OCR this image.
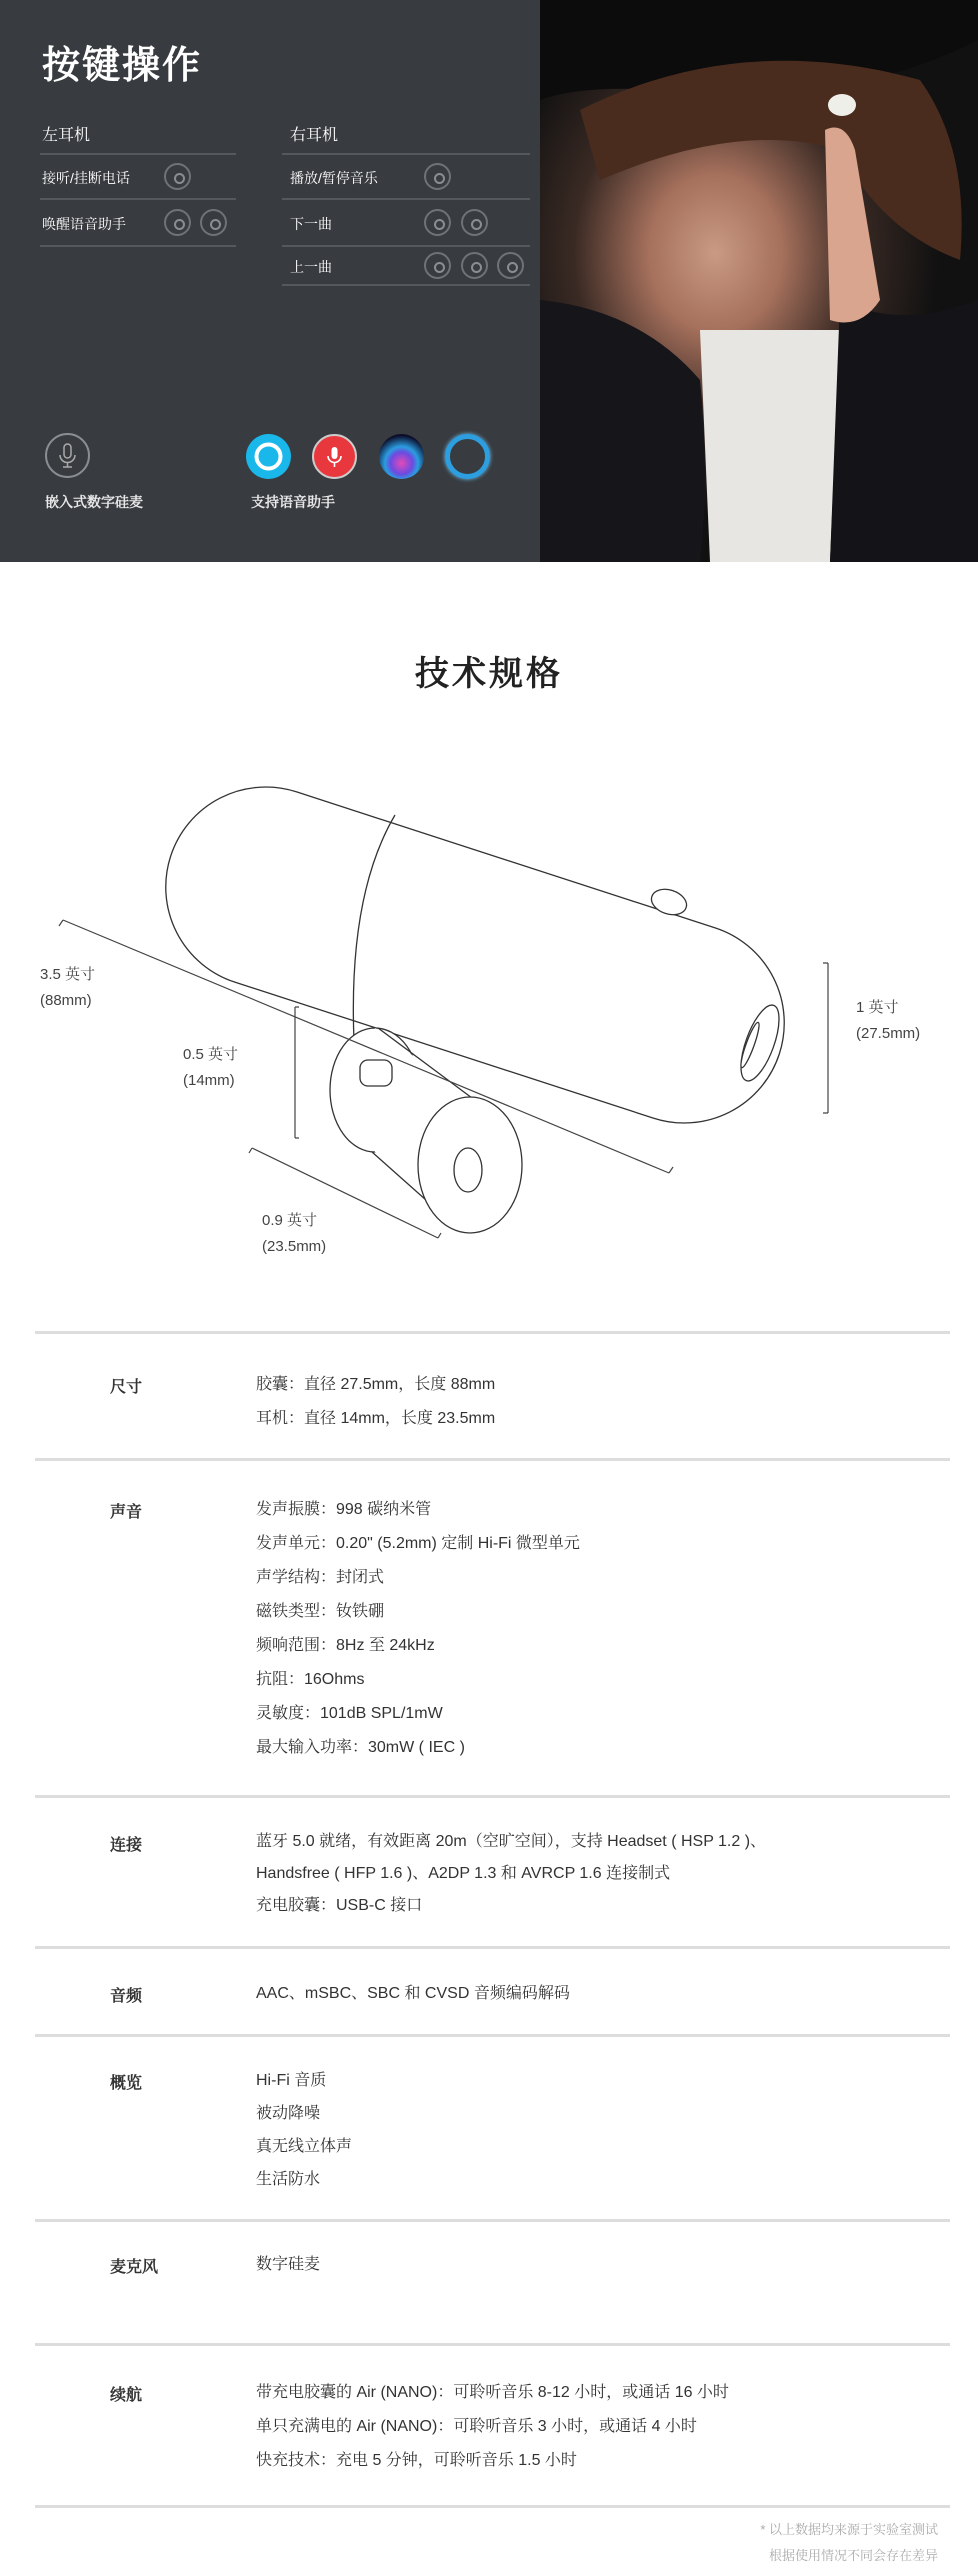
按键操作
左耳机
接听/挂断电话
唤醒语音助手
右耳机
播放/暂停音乐
下一曲
上一曲
嵌入式数字硅麦	支持语音助手
技术规格
3.5 英寸
(88mm)
0.5 英寸
(14mm)
1 英寸
(27.5mm)
0.9 英寸
(23.5mm)
尺寸	胶囊：直径 27.5mm，长度 88mm
耳机：直径 14mm，长度 23.5mm
声音	发声振膜：998 碳纳米管
发声单元：0.20" (5.2mm) 定制 Hi-Fi 微型单元
声学结构：封闭式
磁铁类型：钕铁硼
频响范围：8Hz 至 24kHz
抗阻：16Ohms
灵敏度：101dB SPL/1mW
最大输入功率：30mW ( IEC )
连接	蓝牙 5.0 就绪，有效距离 20m（空旷空间），支持 Headset ( HSP 1.2 )、
Handsfree ( HFP 1.6 )、A2DP 1.3 和 AVRCP 1.6 连接制式
充电胶囊：USB-C 接口
音频	AAC、mSBC、SBC 和 CVSD 音频编码解码
概览	Hi-Fi 音质
被动降噪
真无线立体声
生活防水
麦克风	数字硅麦
续航	带充电胶囊的 Air (NANO)：可聆听音乐 8-12 小时，或通话 16 小时
单只充满电的 Air (NANO)：可聆听音乐 3 小时，或通话 4 小时
快充技术：充电 5 分钟，可聆听音乐 1.5 小时
* 以上数据均来源于实验室测试
根据使用情况不同会存在差异
